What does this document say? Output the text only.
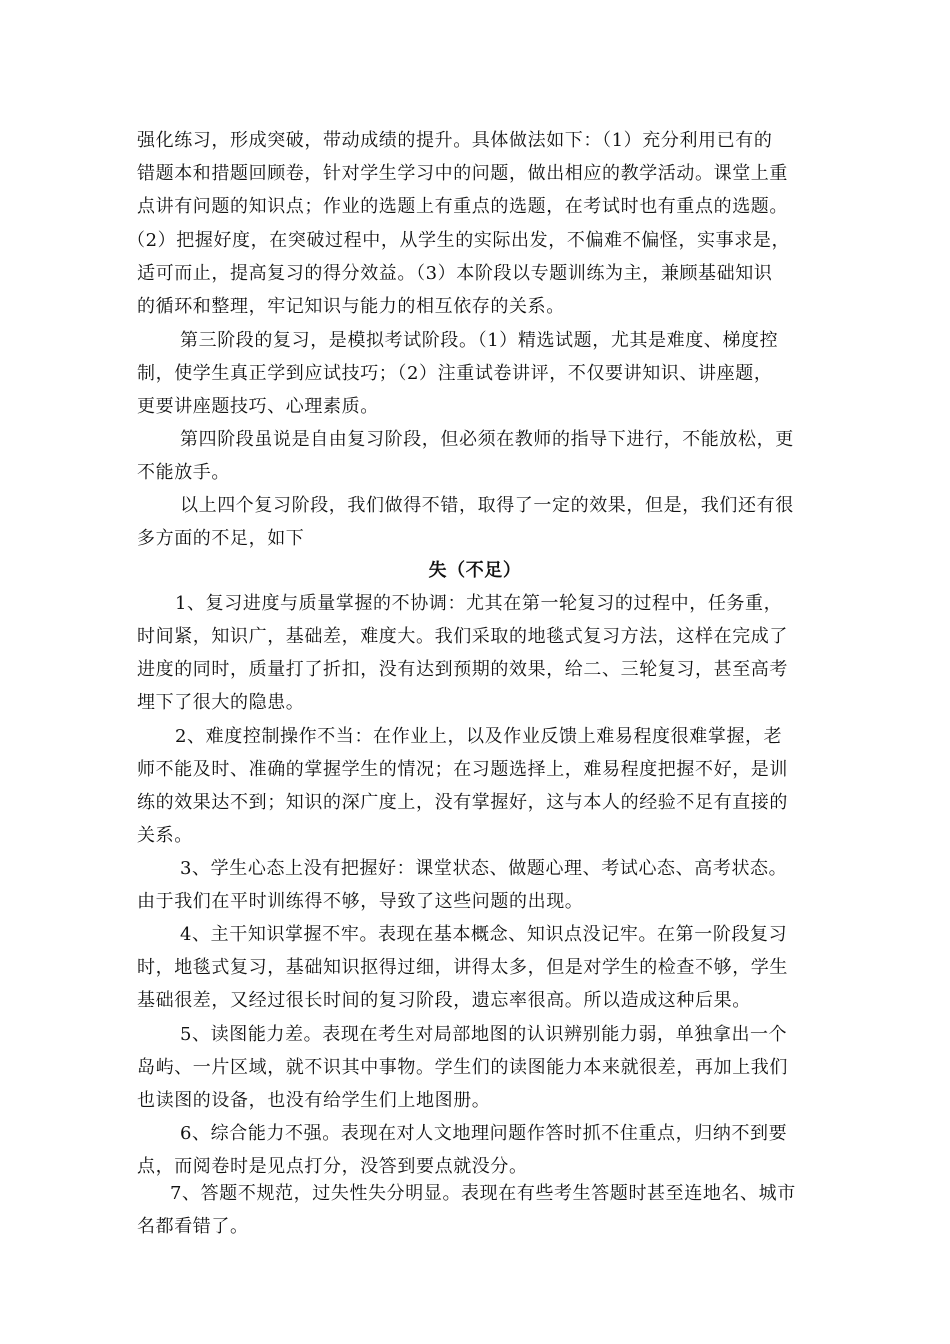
强化练习，形成突破，带动成绩的提升。具体做法如下：（1）充分利用已有的
错题本和措题回顾卷，针对学生学习中的问题，做出相应的教学活动。课堂上重
点讲有问题的知识点；作业的选题上有重点的选题，在考试时也有重点的选题。
（2）把握好度，在突破过程中，从学生的实际出发，不偏难不偏怪，实事求是，
适可而止，提高复习的得分效益。（3）本阶段以专题训练为主，兼顾基础知识
的循环和整理，牢记知识与能力的相互依存的关系。
第三阶段的复习，是模拟考试阶段。（1）精选试题，尤其是难度、梯度控
制，使学生真正学到应试技巧；（2）注重试卷讲评，不仅要讲知识、讲座题，
更要讲座题技巧、心理素质。
第四阶段虽说是自由复习阶段，但必须在教师的指导下进行，不能放松，更
不能放手。
以上四个复习阶段，我们做得不错，取得了一定的效果，但是，我们还有很
多方面的不足，如下
失（不足）
1、复习进度与质量掌握的不协调：尤其在第一轮复习的过程中，任务重，
时间紧，知识广，基础差，难度大。我们采取的地毯式复习方法，这样在完成了
进度的同时，质量打了折扣，没有达到预期的效果，给二、三轮复习，甚至高考
埋下了很大的隐患。
2、难度控制操作不当：在作业上，以及作业反馈上难易程度很难掌握，老
师不能及时、准确的掌握学生的情况；在习题选择上，难易程度把握不好，是训
练的效果达不到；知识的深广度上，没有掌握好，这与本人的经验不足有直接的
关系。
3、学生心态上没有把握好：课堂状态、做题心理、考试心态、高考状态。
由于我们在平时训练得不够，导致了这些问题的出现。
4、主干知识掌握不牢。表现在基本概念、知识点没记牢。在第一阶段复习
时，地毯式复习，基础知识抠得过细，讲得太多，但是对学生的检查不够，学生
基础很差，又经过很长时间的复习阶段，遗忘率很高。所以造成这种后果。
5、读图能力差。表现在考生对局部地图的认识辨别能力弱，单独拿出一个
岛屿、一片区域，就不识其中事物。学生们的读图能力本来就很差，再加上我们
也读图的设备，也没有给学生们上地图册。
6、综合能力不强。表现在对人文地理问题作答时抓不住重点，归纳不到要
点，而阅卷时是见点打分，没答到要点就没分。
7、答题不规范，过失性失分明显。表现在有些考生答题时甚至连地名、城市
名都看错了。
